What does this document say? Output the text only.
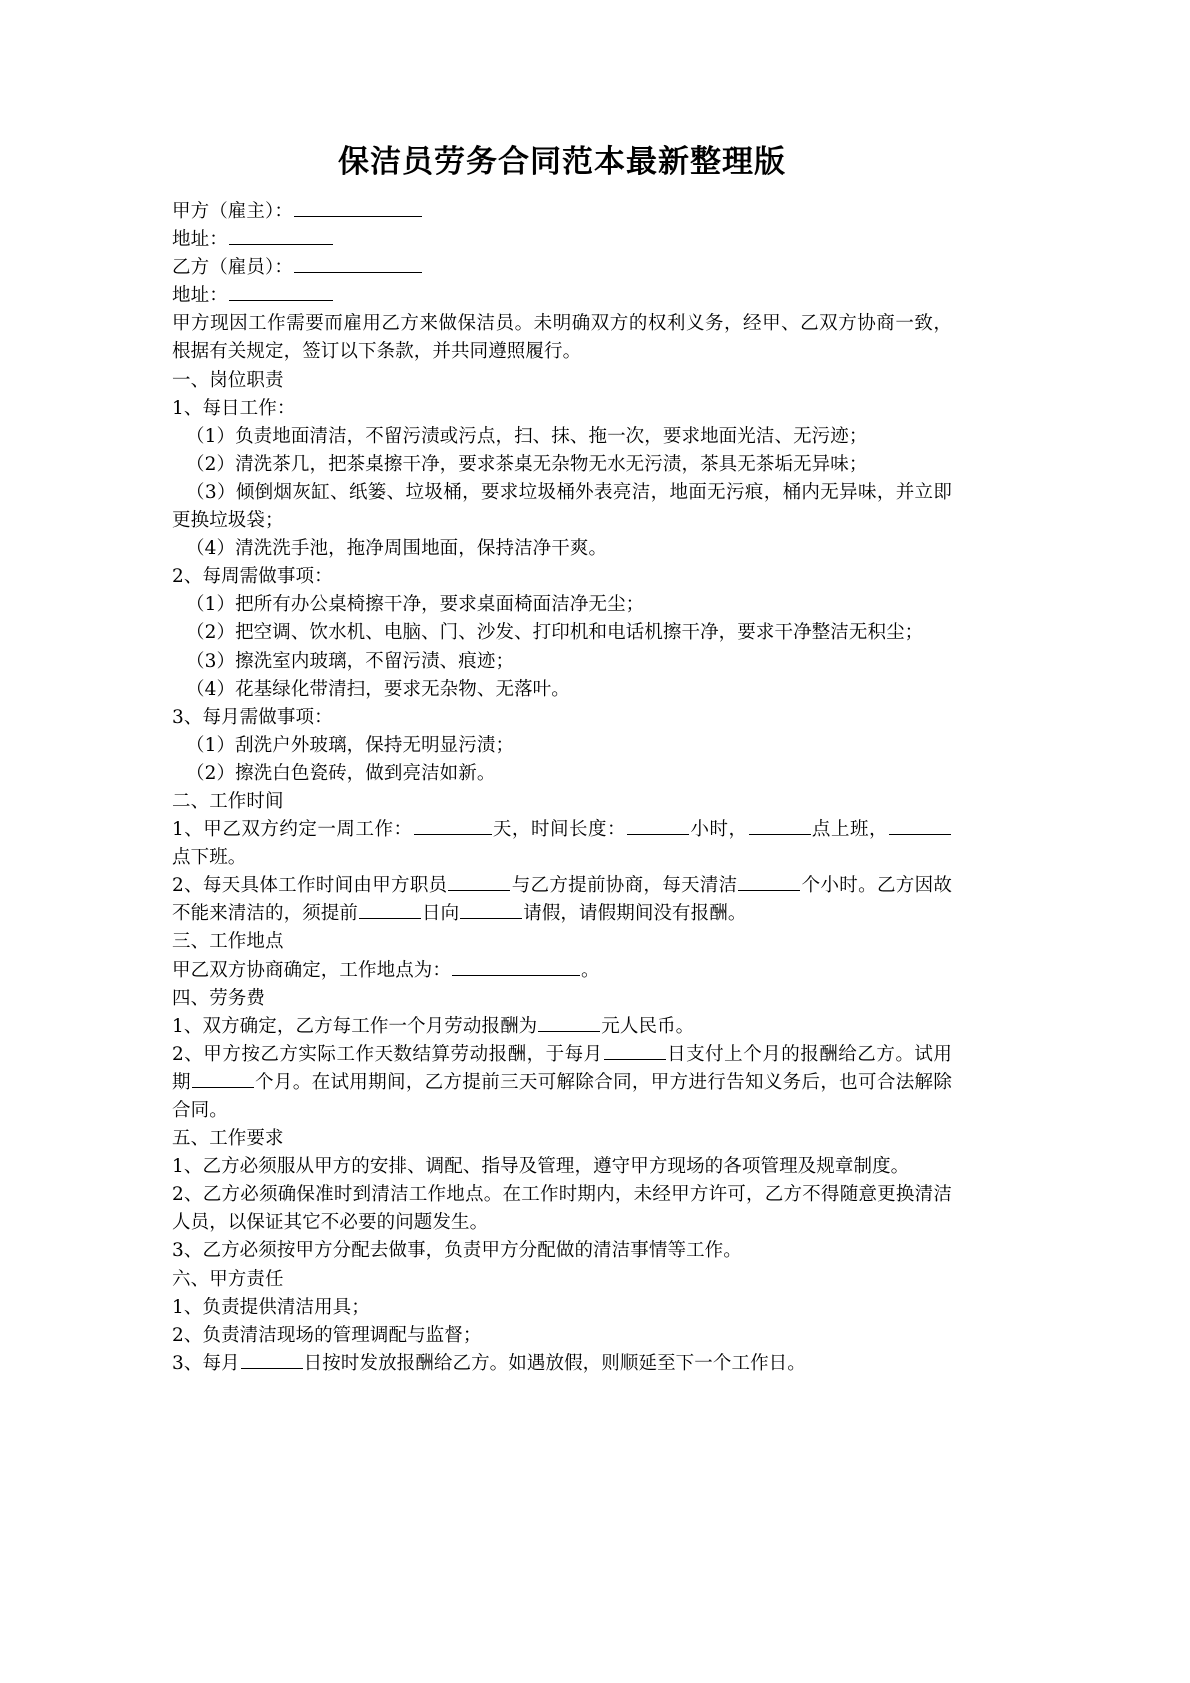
保洁员劳务合同范本最新整理版

甲方（雇主）：

地址：

乙方（雇员）：

地址：

甲方现因工作需要而雇用乙方来做保洁员。未明确双方的权利义务，经甲、乙双方协商一致，根据有关规定，签订以下条款，并共同遵照履行。

一、岗位职责

1、每日工作：

（1）负责地面清洁，不留污渍或污点，扫、抹、拖一次，要求地面光洁、无污迹；

（2）清洗茶几，把茶桌擦干净，要求茶桌无杂物无水无污渍，茶具无茶垢无异味；

（3）倾倒烟灰缸、纸篓、垃圾桶，要求垃圾桶外表亮洁，地面无污痕，桶内无异味，并立即更换垃圾袋；

（4）清洗洗手池，拖净周围地面，保持洁净干爽。

2、每周需做事项：

（1）把所有办公桌椅擦干净，要求桌面椅面洁净无尘；

（2）把空调、饮水机、电脑、门、沙发、打印机和电话机擦干净，要求干净整洁无积尘；

（3）擦洗室内玻璃，不留污渍、痕迹；

（4）花基绿化带清扫，要求无杂物、无落叶。

3、每月需做事项：

（1）刮洗户外玻璃，保持无明显污渍；

（2）擦洗白色瓷砖，做到亮洁如新。

二、工作时间

1、甲乙双方约定一周工作：	天，时间长度：	小时，	点上班，点下班。

2、每天具体工作时间由甲方职员	与乙方提前协商，每天清洁	个小时。乙方因故不能来清洁的，须提前	日向	请假，请假期间没有报酬。

三、工作地点

甲乙双方协商确定，工作地点为：	。

四、劳务费

1、双方确定，乙方每工作一个月劳动报酬为	元人民币。

2、甲方按乙方实际工作天数结算劳动报酬，于每月	日支付上个月的报酬给乙方。试用期	个月。在试用期间，乙方提前三天可解除合同，甲方进行告知义务后，也可合法解除合同。

五、工作要求

1、乙方必须服从甲方的安排、调配、指导及管理，遵守甲方现场的各项管理及规章制度。

2、乙方必须确保准时到清洁工作地点。在工作时期内，未经甲方许可，乙方不得随意更换清洁人员，以保证其它不必要的问题发生。

3、乙方必须按甲方分配去做事，负责甲方分配做的清洁事情等工作。

六、甲方责任

1、负责提供清洁用具；

2、负责清洁现场的管理调配与监督；

3、每月	日按时发放报酬给乙方。如遇放假，则顺延至下一个工作日。
